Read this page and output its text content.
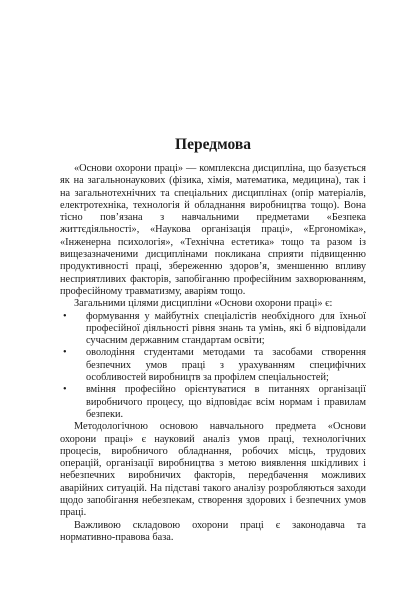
Передмова

«Основи охорони праці» — комплексна дисципліна, що базується як на загальнонаукових (фізика, хімія, математика, медицина), так і на загальнотехнічних та спеціальних дисциплінах (опір матеріалів, електротехніка, технологія й обладнання виробництва тощо). Вона тісно пов’язана з навчальними предметами «Безпека життєдіяльності», «Наукова організація праці», «Ергономіка», «Інженерна психологія», «Технічна естетика» тощо та разом із вищезазначеними дисциплінами покликана сприяти підвищенню продуктивності праці, збереженню здоров’я, зменшенню впливу несприятливих факторів, запобіганню професійним захворюванням, професійному травматизму, аваріям тощо.

Загальними цілями дисципліни «Основи охорони праці» є:

• формування у майбутніх спеціалістів необхідного для їхньої професійної діяльності рівня знань та умінь, які б відповідали сучасним державним стандартам освіти;
• оволодіння студентами методами та засобами створення безпечних умов праці з урахуванням специфічних особливостей виробництв за профілем спеціальностей;
• вміння професійно орієнтуватися в питаннях організації виробничого процесу, що відповідає всім нормам і правилам безпеки.

Методологічною основою навчального предмета «Основи охорони праці» є науковий аналіз умов праці, технологічних процесів, виробничого обладнання, робочих місць, трудових операцій, організації виробництва з метою виявлення шкідливих і небезпечних виробничих факторів, передбачення можливих аварійних ситуацій. На підставі такого аналізу розробляються заходи щодо запобігання небезпекам, створення здорових і безпечних умов праці.

Важливою складовою охорони праці є законодавча та нормативно-правова база.
